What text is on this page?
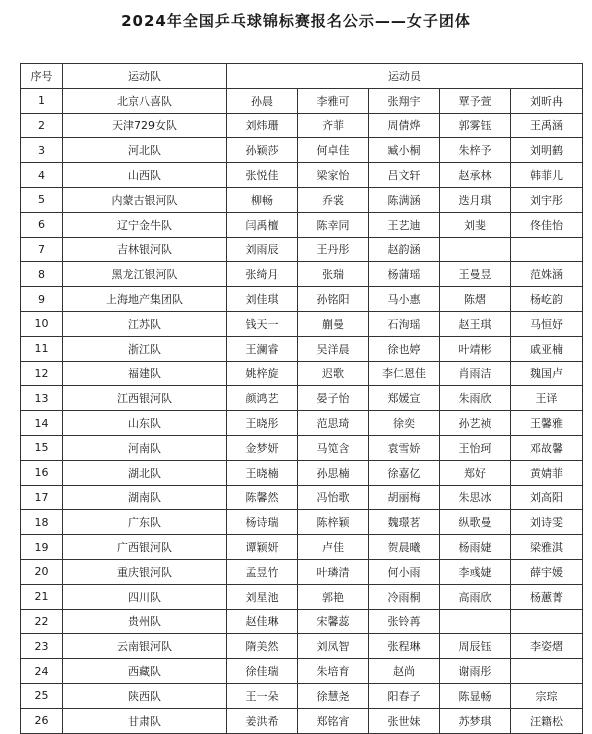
2024年全国乒乓球锦标赛报名公示——女子团体
序号	运动队	运动员				
1	北京八喜队	孙晨	李雅可	张翔宇	覃予萱	刘昕冉
2	天津729女队	刘炜珊	齐菲	周倩烨	郭雾钰	王禹涵
3	河北队	孙颖莎	何卓佳	臧小桐	朱梓予	刘明鹤
4	山西队	张悦佳	梁家怡	吕文轩	赵承林	韩菲儿
5	内蒙古银河队	柳畅	乔裳	陈满涵	迭月琪	刘宇彤
6	辽宁金牛队	闫禹檀	陈幸同	王艺迪	刘斐	佟佳怡
7	吉林银河队	刘雨辰	王丹彤	赵韵涵		
8	黑龙江银河队	张绮月	张瑞	杨蒲瑶	王曼昱	范姝涵
9	上海地产集团队	刘佳琪	孙铭阳	马小惠	陈熠	杨屹韵
10	江苏队	钱天一	蒯曼	石洵瑶	赵王琪	马恒妤
11	浙江队	王澜睿	吴洋晨	徐也婷	叶靖彬	戚亚楠
12	福建队	姚梓旋	迟歌	李仁恩佳	肖雨洁	魏国卢
13	江西银河队	颜鸿艺	晏子怡	郑媛宣	朱雨欣	王译
14	山东队	王晓彤	范思琦	徐奕	孙艺祯	王馨雅
15	河南队	金梦妍	马笕含	袁雪娇	王怡珂	邓故馨
16	湖北队	王晓楠	孙思楠	徐嘉亿	郑好	黄婧菲
17	湖南队	陈馨然	冯怡歌	胡丽梅	朱思冰	刘高阳
18	广东队	杨诗瑞	陈梓颖	魏璟茗	纵歌曼	刘诗雯
19	广西银河队	谭颖妍	卢佳	贺晨曦	杨雨婕	梁雅淇
20	重庆银河队	孟昱竹	叶璘清	何小雨	李彧婕	薛宇媛
21	四川队	刘星池	郭艳	冷雨桐	高雨欣	杨蕙菁
22	贵州队	赵佳琳	宋馨蕊	张铃苒		
23	云南银河队	隋美然	刘凤智	张程琳	周辰钰	李姿熠
24	西藏队	徐佳瑞	朱培育	赵尚	谢雨彤	
25	陕西队	王一朵	徐慧尧	阳春子	陈显畅	宗琮
26	甘肃队	姜洪希	郑铭宵	张世妹	苏梦琪	汪籍松
